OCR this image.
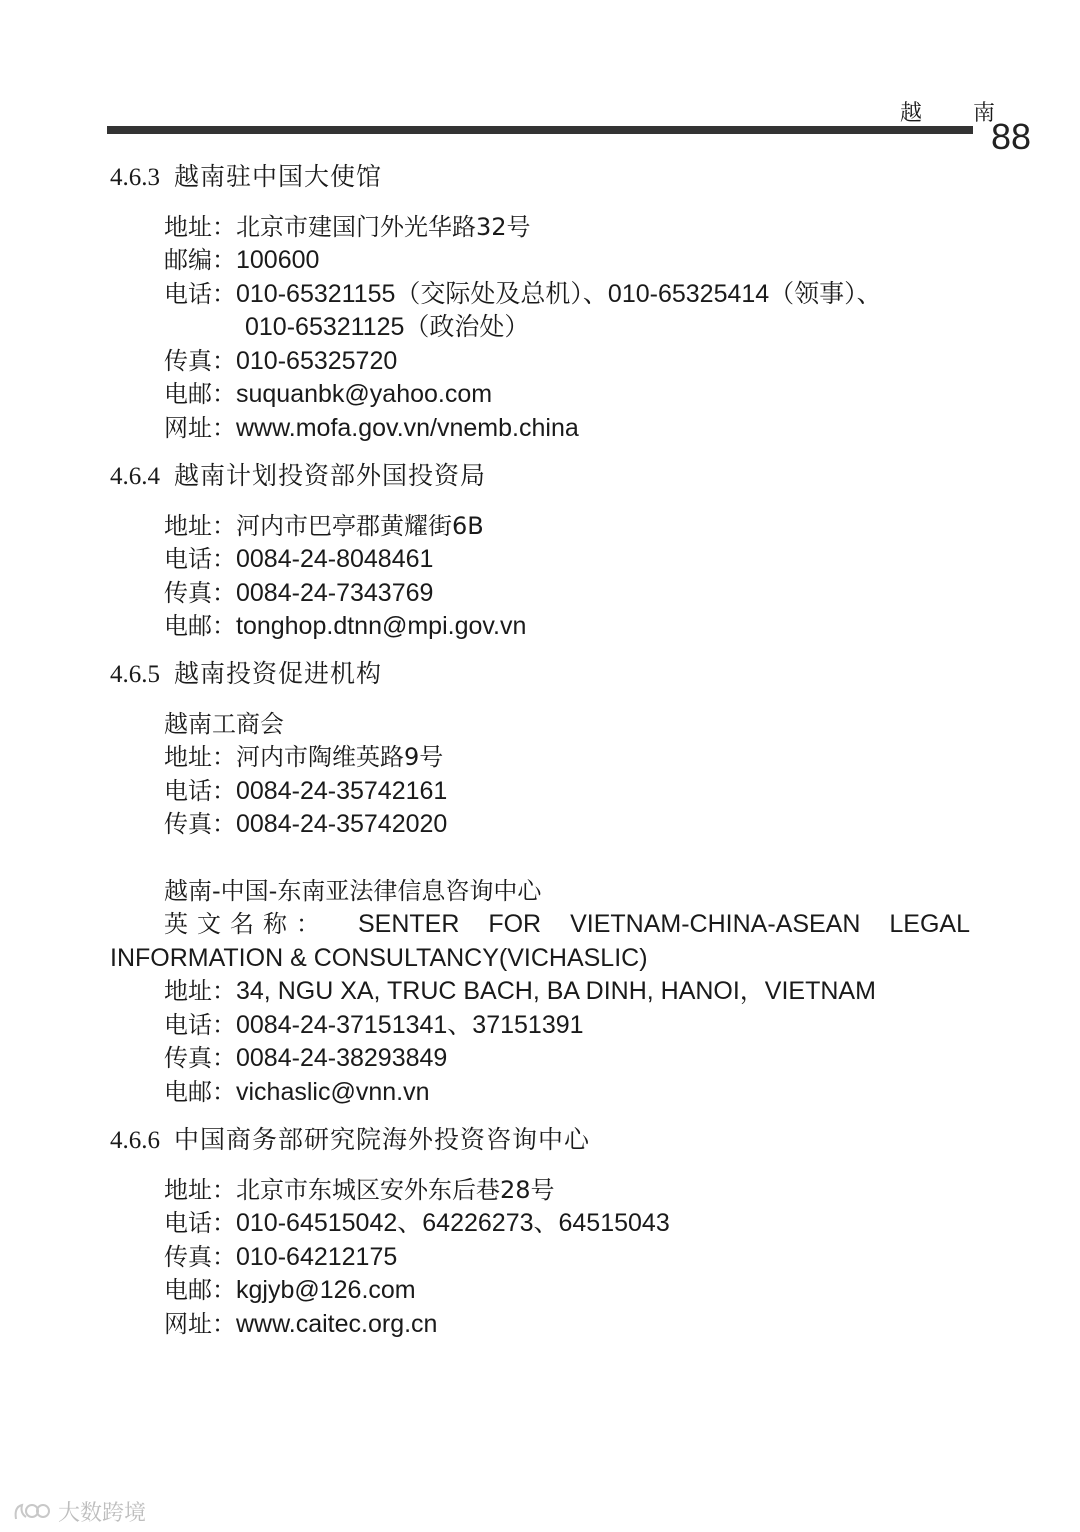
越 南
88
4.6.3 越南驻中国大使馆
地址：北京市建国门外光华路32号
邮编：100600
电话：010-65321155（交际处及总机）、010-65325414（领事）、
010-65321125（政治处）
传真：010-65325720
电邮：suquanbk@yahoo.com
网址：www.mofa.gov.vn/vnemb.china
4.6.4 越南计划投资部外国投资局
地址：河内市巴亭郡黄耀街6B
电话：0084-24-8048461
传真：0084-24-7343769
电邮：tonghop.dtnn@mpi.gov.vn
4.6.5 越南投资促进机构
越南工商会
地址：河内市陶维英路9号
电话：0084-24-35742161
传真：0084-24-35742020
越南-中国-东南亚法律信息咨询中心
英文名称： SENTER FOR VIETNAM-CHINA-ASEAN LEGAL
INFORMATION & CONSULTANCY(VICHASLIC)
地址：34, NGU XA, TRUC BACH, BA DINH, HANOI，VIETNAM
电话：0084-24-37151341、37151391
传真：0084-24-38293849
电邮：vichaslic@vnn.vn
4.6.6 中国商务部研究院海外投资咨询中心
地址：北京市东城区安外东后巷28号
电话：010-64515042、64226273、64515043
传真：010-64212175
电邮：kgjyb@126.com
网址：www.caitec.org.cn
大数跨境
